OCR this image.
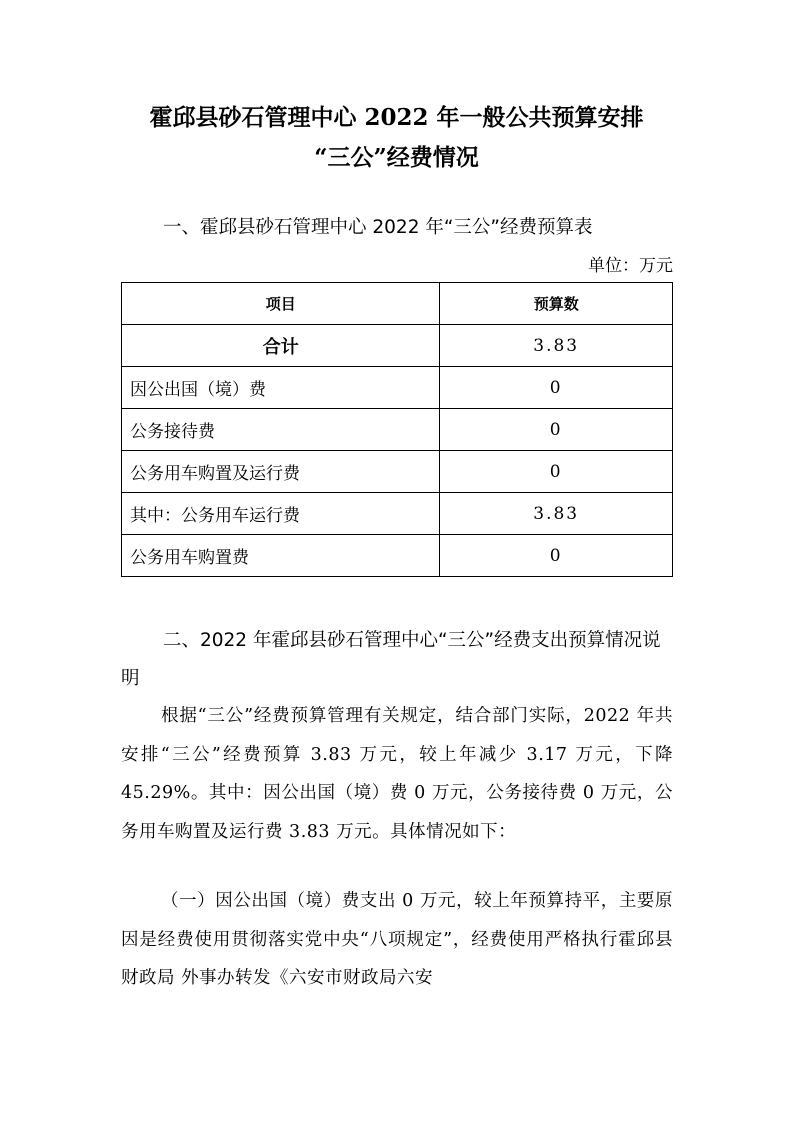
霍邱县砂石管理中心 2022 年一般公共预算安排
“三公”经费情况
一、霍邱县砂石管理中心 2022 年“三公”经费预算表
单位：万元
项目	预算数
合计	3.83
因公出国（境）费	0
公务接待费	0
公务用车购置及运行费	0
其中：公务用车运行费	3.83
公务用车购置费	0
二、2022 年霍邱县砂石管理中心“三公”经费支出预算情况说明
根据“三公”经费预算管理有关规定，结合部门实际，2022 年共安排“三公”经费预算 3.83 万元，较上年减少 3.17 万元，下降 45.29%。其中：因公出国（境）费 0 万元，公务接待费 0 万元，公务用车购置及运行费 3.83 万元。具体情况如下：
（一）因公出国（境）费支出 0 万元，较上年预算持平，主要原因是经费使用贯彻落实党中央“八项规定”，经费使用严格执行霍邱县财政局 外事办转发《六安市财政局六安
